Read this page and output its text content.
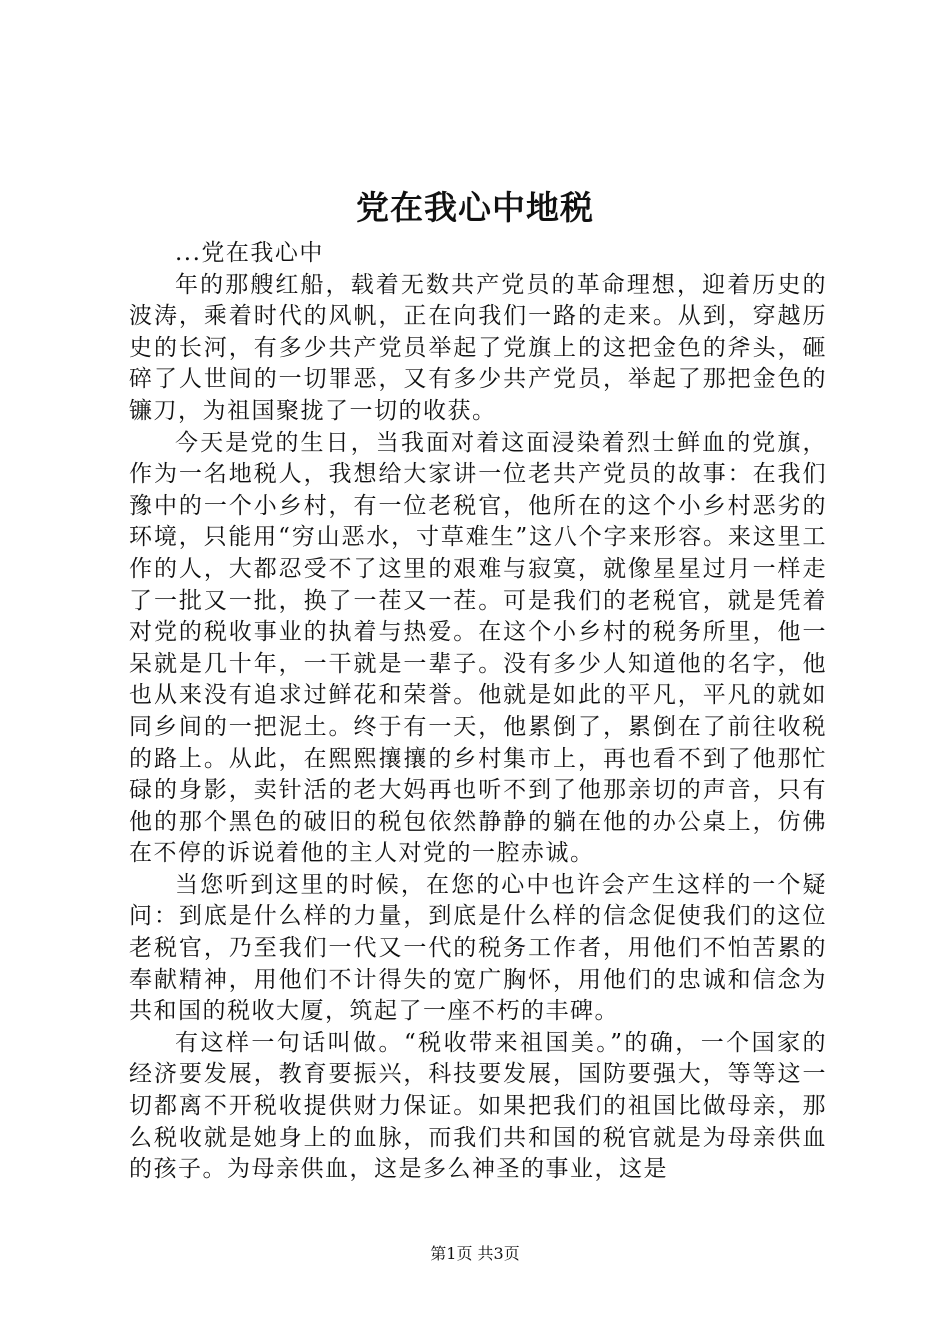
党在我心中地税

...党在我心中

年的那艘红船，载着无数共产党员的革命理想，迎着历史的波涛，乘着时代的风帆，正在向我们一路的走来。从到，穿越历史的长河，有多少共产党员举起了党旗上的这把金色的斧头，砸碎了人世间的一切罪恶，又有多少共产党员，举起了那把金色的镰刀，为祖国聚拢了一切的收获。

今天是党的生日，当我面对着这面浸染着烈士鲜血的党旗，作为一名地税人，我想给大家讲一位老共产党员的故事：在我们豫中的一个小乡村，有一位老税官，他所在的这个小乡村恶劣的环境，只能用“穷山恶水，寸草难生”这八个字来形容。来这里工作的人，大都忍受不了这里的艰难与寂寞，就像星星过月一样走了一批又一批，换了一茬又一茬。可是我们的老税官，就是凭着对党的税收事业的执着与热爱。在这个小乡村的税务所里，他一呆就是几十年，一干就是一辈子。没有多少人知道他的名字，他也从来没有追求过鲜花和荣誉。他就是如此的平凡，平凡的就如同乡间的一把泥土。终于有一天，他累倒了，累倒在了前往收税的路上。从此，在熙熙攘攘的乡村集市上，再也看不到了他那忙碌的身影，卖针活的老大妈再也听不到了他那亲切的声音，只有他的那个黑色的破旧的税包依然静静的躺在他的办公桌上，仿佛在不停的诉说着他的主人对党的一腔赤诚。

当您听到这里的时候，在您的心中也许会产生这样的一个疑问：到底是什么样的力量，到底是什么样的信念促使我们的这位老税官，乃至我们一代又一代的税务工作者，用他们不怕苦累的奉献精神，用他们不计得失的宽广胸怀，用他们的忠诚和信念为共和国的税收大厦，筑起了一座不朽的丰碑。

有这样一句话叫做。“税收带来祖国美。”的确，一个国家的经济要发展，教育要振兴，科技要发展，国防要强大，等等这一切都离不开税收提供财力保证。如果把我们的祖国比做母亲，那么税收就是她身上的血脉，而我们共和国的税官就是为母亲供血的孩子。为母亲供血，这是多么神圣的事业，这是

第1页 共3页
